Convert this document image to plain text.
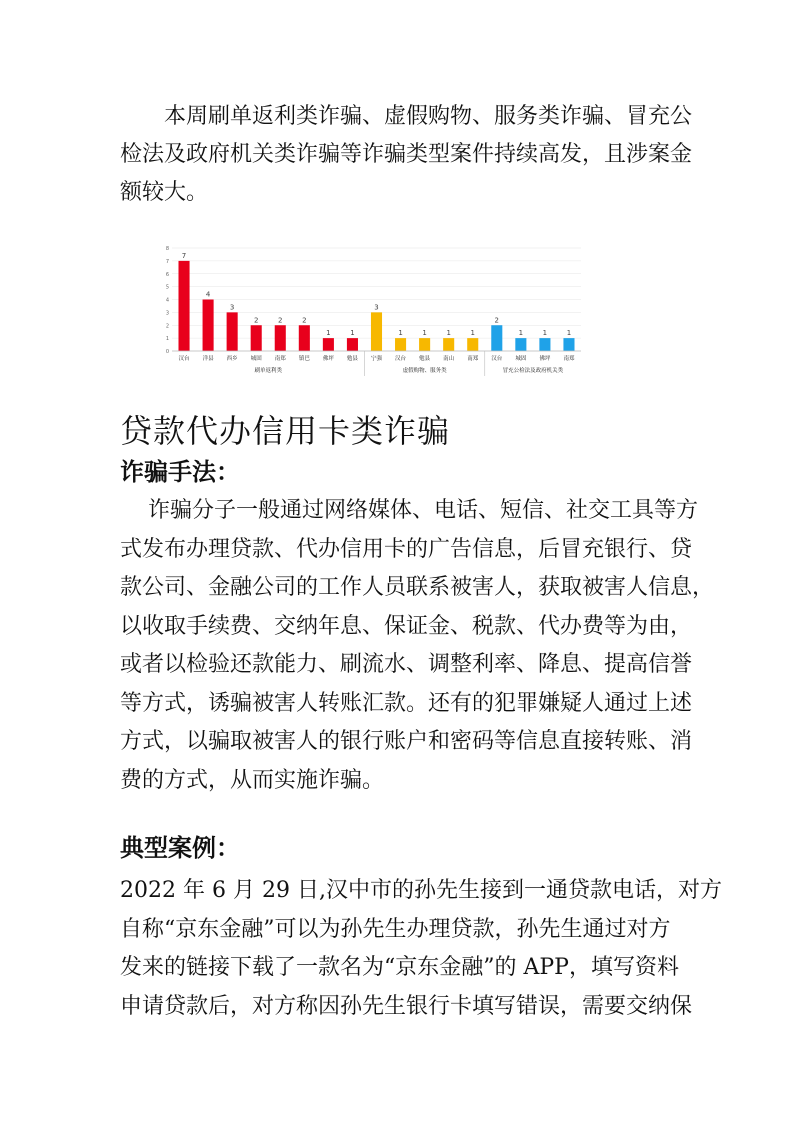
本周刷单返利类诈骗、虚假购物、服务类诈骗、冒充公
检法及政府机关类诈骗等诈骗类型案件持续高发，且涉案金
额较大。
0
1
2
3
4
5
6
7
8
7
汉台
4
洋县
3
西乡
2
城固
2
南郑
2
镇巴
1
佛坪
1
勉县
刷单返利类
3
宁强
1
汉台
1
勉县
1
南山
1
南郑
虚假购物、服务类
2
汉台
1
城固
1
佛坪
1
南郑
冒充公检法及政府机关类
贷款代办信用卡类诈骗
诈骗手法：
诈骗分子一般通过网络媒体、电话、短信、社交工具等方
式发布办理贷款、代办信用卡的广告信息，后冒充银行、贷
款公司、金融公司的工作人员联系被害人，获取被害人信息，
以收取手续费、交纳年息、保证金、税款、代办费等为由，
或者以检验还款能力、刷流水、调整利率、降息、提高信誉
等方式，诱骗被害人转账汇款。还有的犯罪嫌疑人通过上述
方式，以骗取被害人的银行账户和密码等信息直接转账、消
费的方式，从而实施诈骗。
典型案例：
2022 年 6 月 29 日,汉中市的孙先生接到一通贷款电话，对方
自称“京东金融”可以为孙先生办理贷款，孙先生通过对方
发来的链接下载了一款名为“京东金融”的 APP，填写资料
申请贷款后，对方称因孙先生银行卡填写错误，需要交纳保
